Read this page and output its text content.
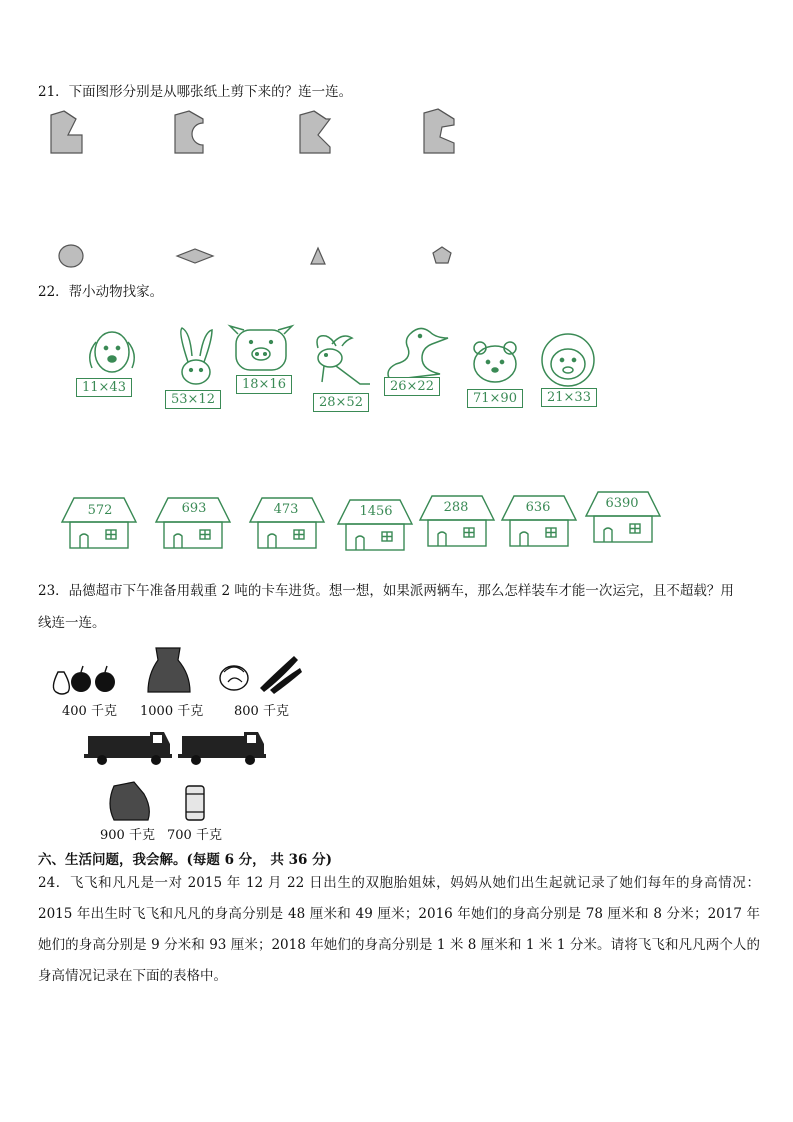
21．下面图形分别是从哪张纸上剪下来的？连一连。
22．帮小动物找家。
11×43
53×12
18×16
28×52
26×22
71×90	21×33
572	693	473	1456	288	636	6390
23．品德超市下午准备用载重 2 吨的卡车进货。想一想，如果派两辆车，那么怎样装车才能一次运完，且不超载？用
线连一连。
400 千克 1000 千克 800 千克
900 千克 700 千克
六、生活问题，我会解。(每题 6 分， 共 36 分)
24．飞飞和凡凡是一对 2015 年 12 月 22 日出生的双胞胎姐妹，妈妈从她们出生起就记录了她们每年的身高情况：2015 年出生时飞飞和凡凡的身高分别是 48 厘米和 49 厘米；2016 年她们的身高分别是 78 厘米和 8 分米；2017 年她们的身高分别是 9 分米和 93 厘米；2018 年她们的身高分别是 1 米 8 厘米和 1 米 1 分米。请将飞飞和凡凡两个人的身高情况记录在下面的表格中。
